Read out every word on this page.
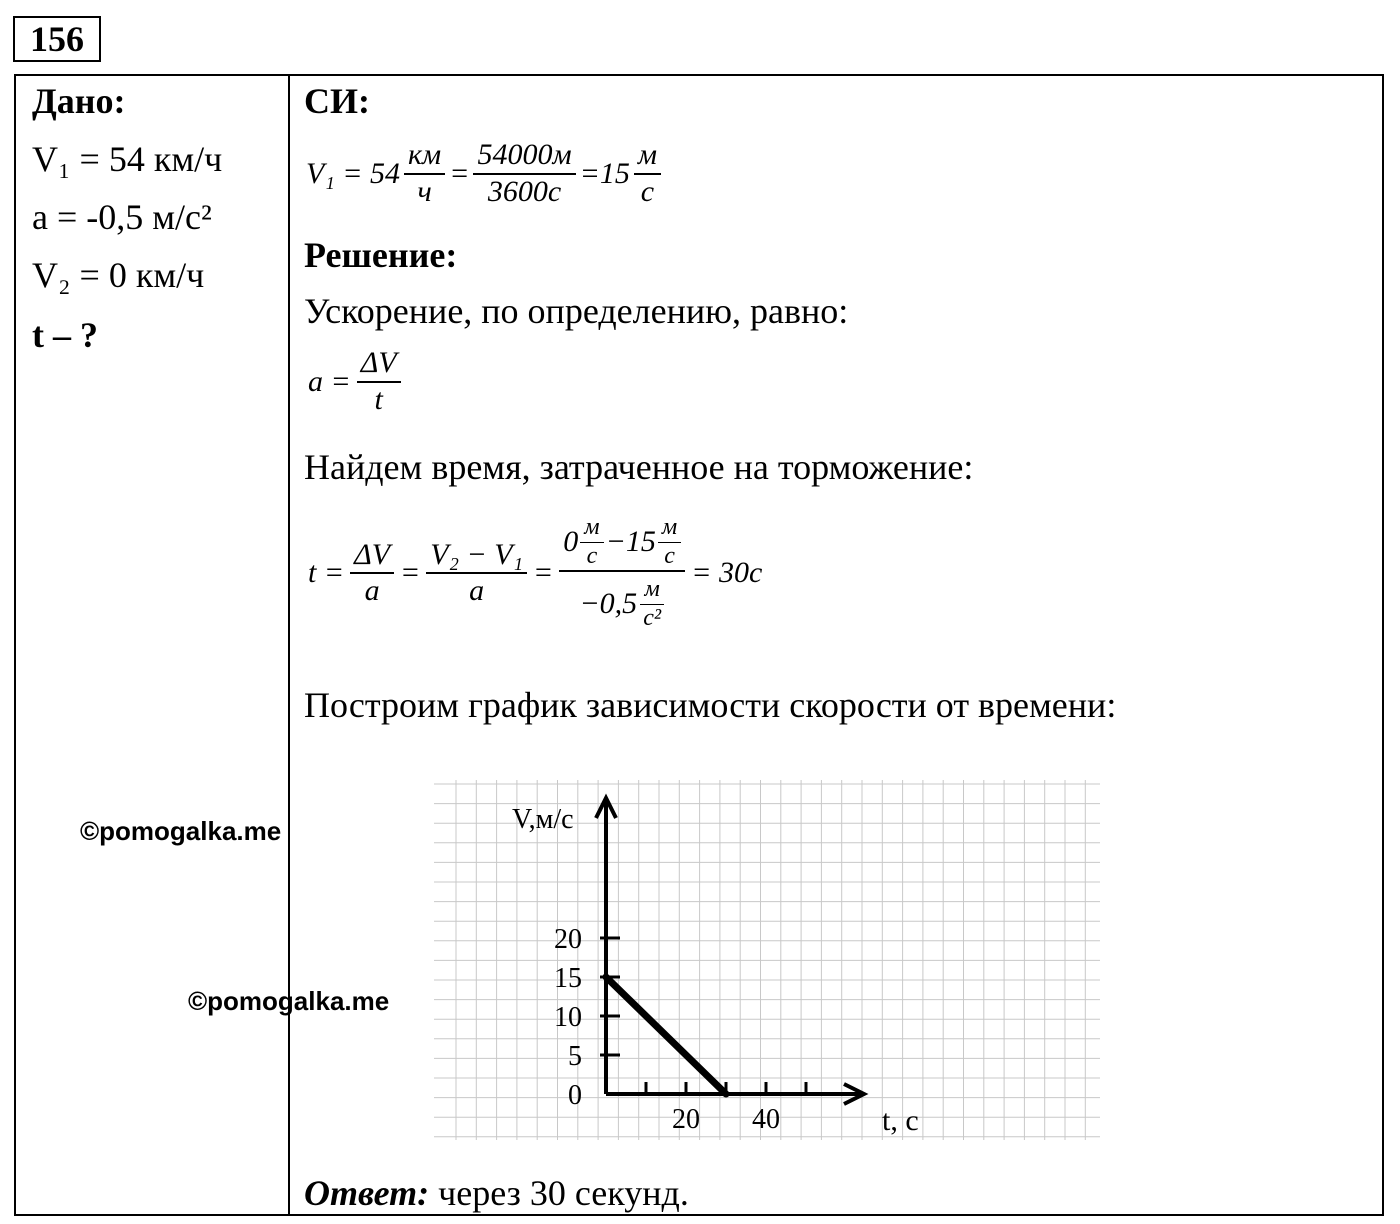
156
Дано:
V₁ = 54 км/ч
a = -0,5 м/с²
V₂ = 0 км/ч
t – ?
СИ:
$V_1 = 54 \frac{км}{ч} = \frac{54000м}{3600с} =15 \frac{м}{с}$
Решение:
Ускорение, по определению, равно:
$a = \frac{\Delta V}{t}$
Найдем время, затраченное на торможение:
$t = \frac{\Delta V}{a} = \frac{\text{V₂ − V₁}}{a} = \frac{0 \frac{м}{с} -15 \frac{м}{с}}{-0,5 \frac{м}{\text{с²}}} = 30с$
Построим график зависимости скорости от времени:
20
15
10
5
0
20 40
V,м/с
t, с
©pomogalka.me
©pomogalka.me
Ответ: через 30 секунд.
